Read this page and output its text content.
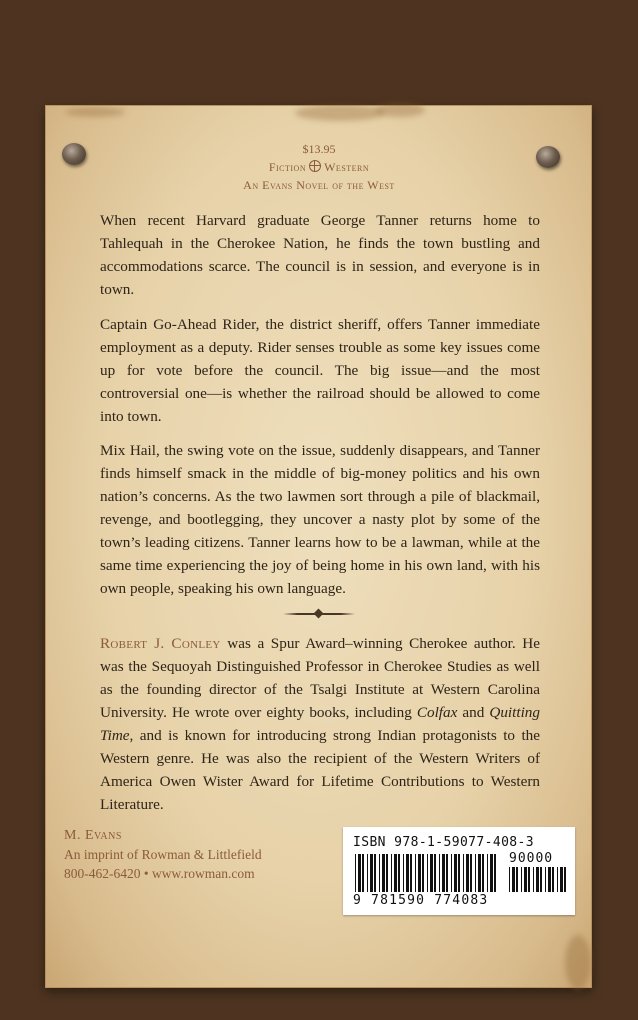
$13.95
Fiction Western
An Evans Novel of the West

When recent Harvard graduate George Tanner returns home to Tahlequah in the Cherokee Nation, he finds the town bustling and accommodations scarce. The council is in session, and everyone is in town.

Captain Go-Ahead Rider, the district sheriff, offers Tanner immediate employment as a deputy. Rider senses trouble as some key issues come up for vote before the council. The big issue—and the most controversial one—is whether the railroad should be allowed to come into town.

Mix Hail, the swing vote on the issue, suddenly disappears, and Tanner finds himself smack in the middle of big-money politics and his own nation’s concerns. As the two lawmen sort through a pile of blackmail, revenge, and bootlegging, they uncover a nasty plot by some of the town’s leading citizens. Tanner learns how to be a lawman, while at the same time experiencing the joy of being home in his own land, with his own people, speaking his own language.

Robert J. Conley was a Spur Award–winning Cherokee author. He was the Sequoyah Distinguished Professor in Cherokee Studies as well as the founding director of the Tsalgi Institute at Western Carolina University. He wrote over eighty books, including Colfax and Quitting Time, and is known for introducing strong Indian protagonists to the Western genre. He was also the recipient of the Western Writers of America Owen Wister Award for Lifetime Contributions to Western Literature.

M. Evans
An imprint of Rowman & Littlefield
800-462-6420 • www.rowman.com
ISBN 978-1-59077-408-3
90000
9 781590 774083
